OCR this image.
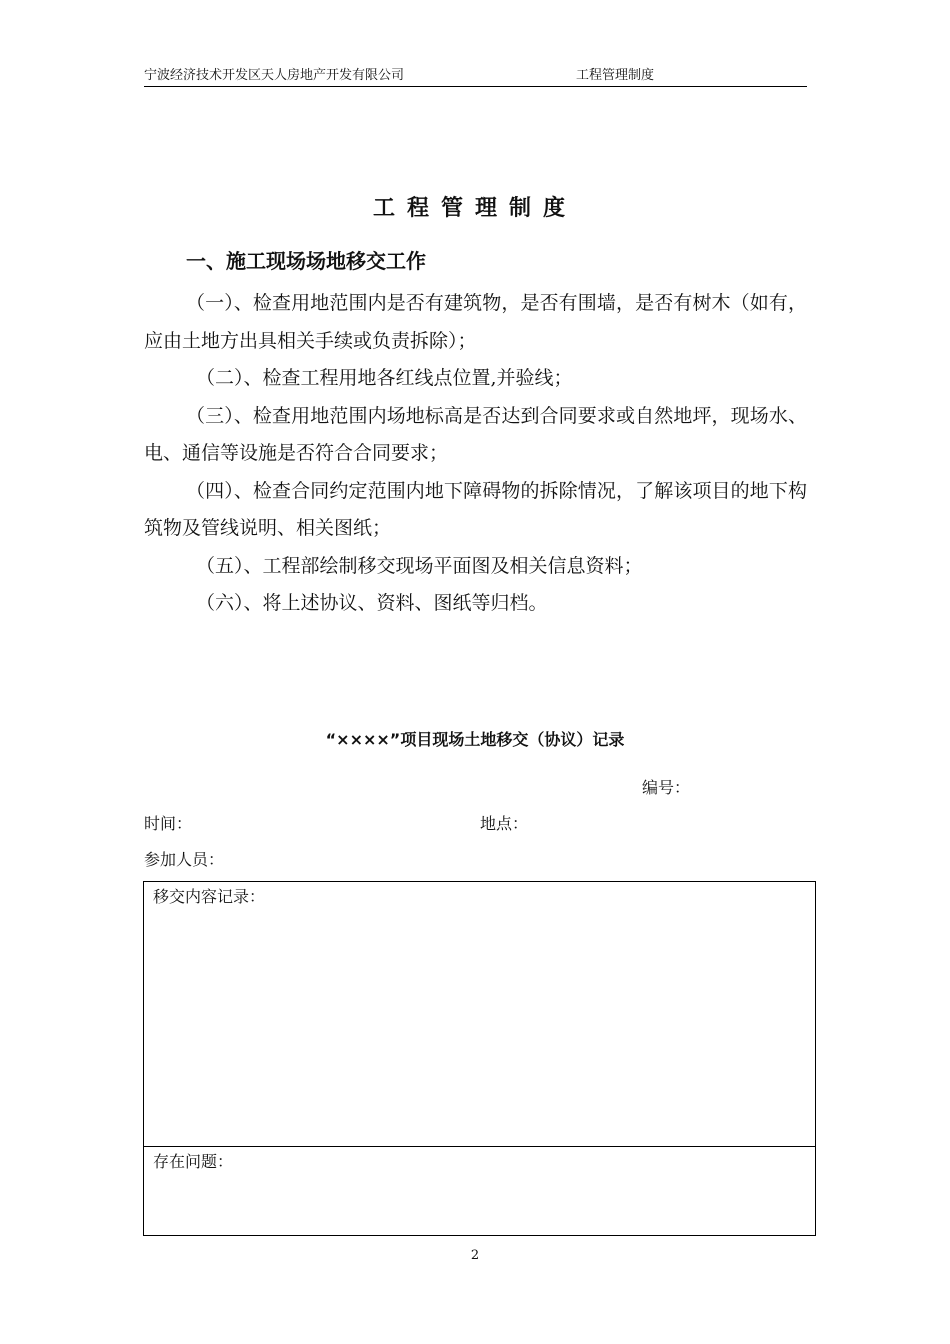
宁波经济技术开发区天人房地产开发有限公司	工程管理制度
工程管理制度
一、施工现场场地移交工作

（一）、检查用地范围内是否有建筑物，是否有围墙，是否有树木（如有，应由土地方出具相关手续或负责拆除）；

（二）、检查工程用地各红线点位置,并验线；

（三）、检查用地范围内场地标高是否达到合同要求或自然地坪，现场水、电、通信等设施是否符合合同要求；

（四）、检查合同约定范围内地下障碍物的拆除情况，了解该项目的地下构筑物及管线说明、相关图纸；

（五）、工程部绘制移交现场平面图及相关信息资料；

（六）、将上述协议、资料、图纸等归档。

“××××”项目现场土地移交（协议）记录
编号：
时间：	地点：
参加人员：
移交内容记录：
存在问题：
2
